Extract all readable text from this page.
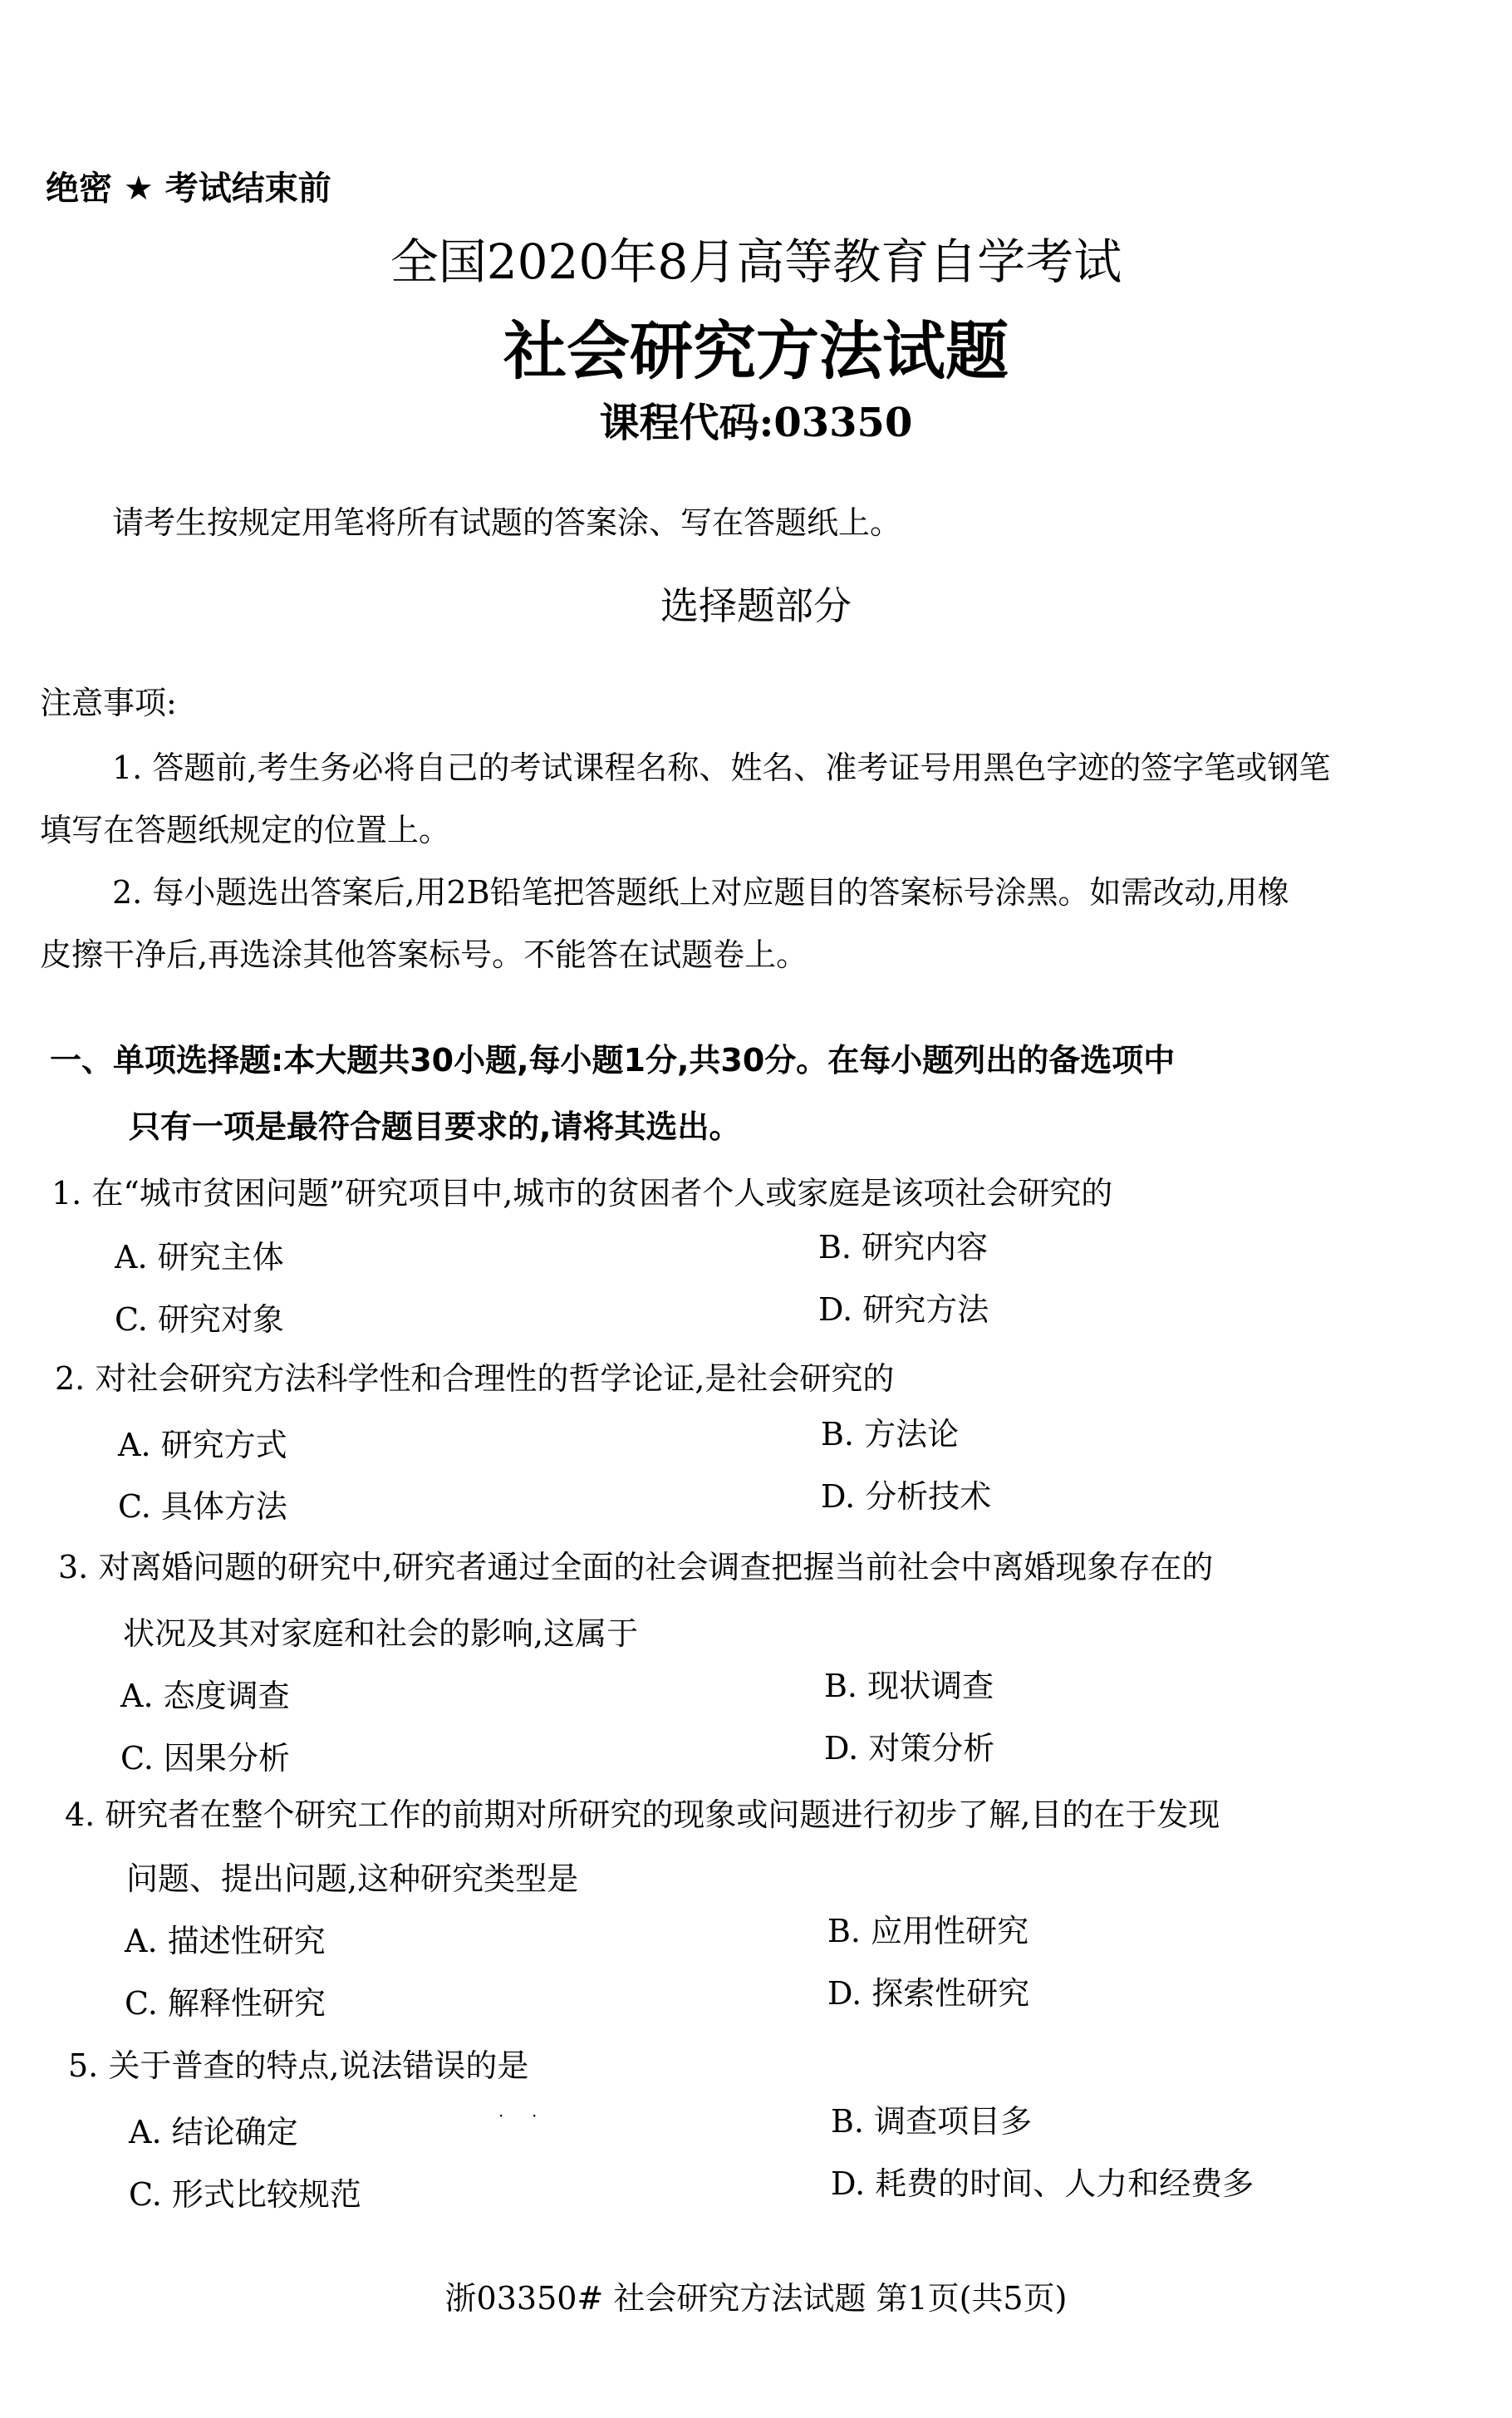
绝密 ★ 考试结束前
全国2020年8月高等教育自学考试
社会研究方法试题
课程代码:03350
请考生按规定用笔将所有试题的答案涂、写在答题纸上。
选择题部分
注意事项:
1. 答题前,考生务必将自己的考试课程名称、姓名、准考证号用黑色字迹的签字笔或钢笔
填写在答题纸规定的位置上。
2. 每小题选出答案后,用2B铅笔把答题纸上对应题目的答案标号涂黑。如需改动,用橡
皮擦干净后,再选涂其他答案标号。不能答在试题卷上。
一、单项选择题:本大题共30小题,每小题1分,共30分。在每小题列出的备选项中
只有一项是最符合题目要求的,请将其选出。
1. 在“城市贫困问题”研究项目中,城市的贫困者个人或家庭是该项社会研究的
A. 研究主体	B. 研究内容
C. 研究对象	D. 研究方法
2. 对社会研究方法科学性和合理性的哲学论证,是社会研究的
A. 研究方式	B. 方法论
C. 具体方法	D. 分析技术
3. 对离婚问题的研究中,研究者通过全面的社会调查把握当前社会中离婚现象存在的
状况及其对家庭和社会的影响,这属于
A. 态度调查	B. 现状调查
C. 因果分析	D. 对策分析
4. 研究者在整个研究工作的前期对所研究的现象或问题进行初步了解,目的在于发现
问题、提出问题,这种研究类型是
A. 描述性研究	B. 应用性研究
C. 解释性研究	D. 探索性研究
5. 关于普查的特点,说法错误的是
· ·
A. 结论确定	B. 调查项目多
C. 形式比较规范	D. 耗费的时间、人力和经费多
浙03350# 社会研究方法试题 第1页(共5页)
